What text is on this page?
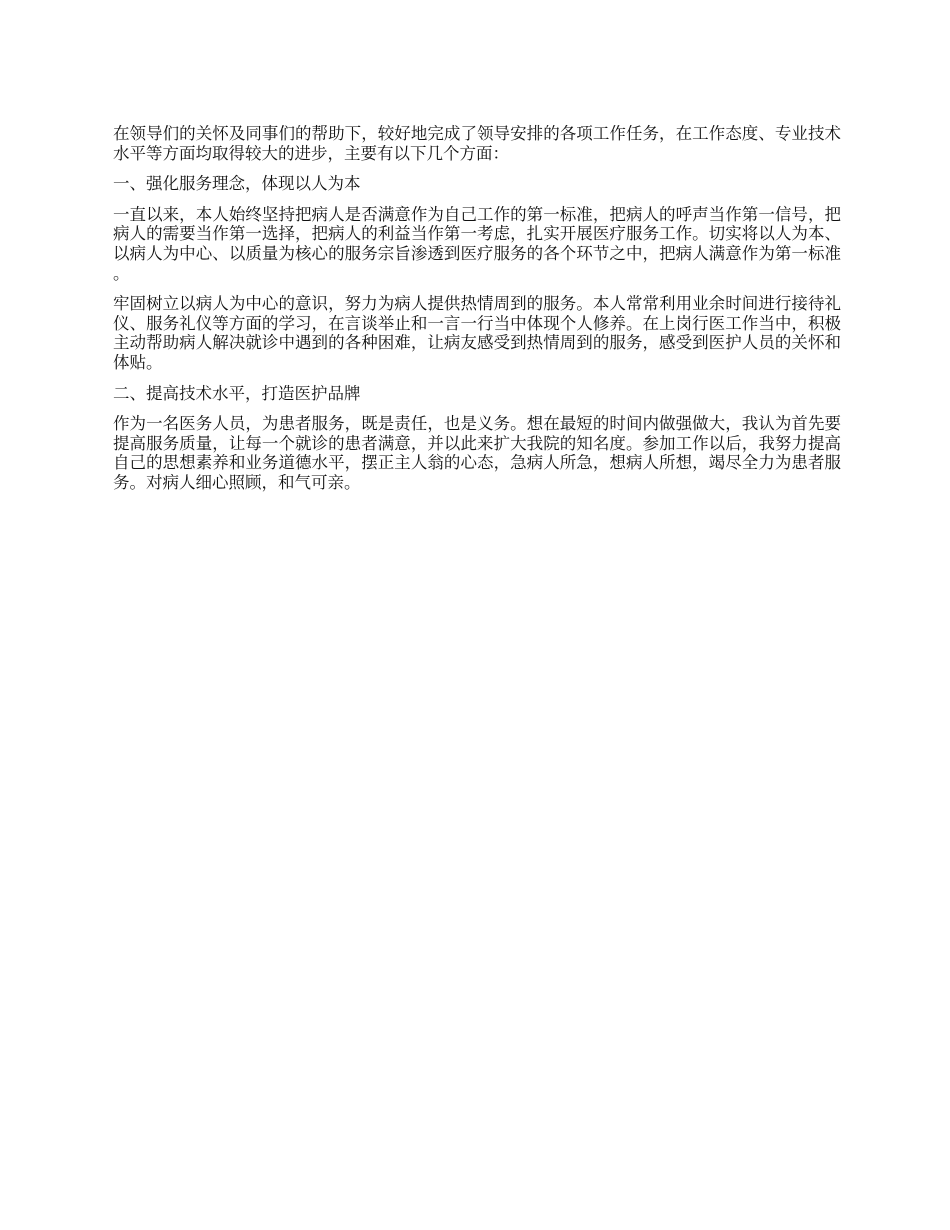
在领导们的关怀及同事们的帮助下，较好地完成了领导安排的各项工作任务，在工作态度、专业技术水平等方面均取得较大的进步，主要有以下几个方面：

一、强化服务理念，体现以人为本

一直以来，本人始终坚持把病人是否满意作为自己工作的第一标准，把病人的呼声当作第一信号，把病人的需要当作第一选择，把病人的利益当作第一考虑，扎实开展医疗服务工作。切实将以人为本、以病人为中心、以质量为核心的服务宗旨渗透到医疗服务的各个环节之中，把病人满意作为第一标准。

牢固树立以病人为中心的意识，努力为病人提供热情周到的服务。本人常常利用业余时间进行接待礼仪、服务礼仪等方面的学习，在言谈举止和一言一行当中体现个人修养。在上岗行医工作当中，积极主动帮助病人解决就诊中遇到的各种困难，让病友感受到热情周到的服务，感受到医护人员的关怀和体贴。

二、提高技术水平，打造医护品牌

作为一名医务人员，为患者服务，既是责任，也是义务。想在最短的时间内做强做大，我认为首先要提高服务质量，让每一个就诊的患者满意，并以此来扩大我院的知名度。参加工作以后，我努力提高自己的思想素养和业务道德水平，摆正主人翁的心态，急病人所急，想病人所想，竭尽全力为患者服务。对病人细心照顾，和气可亲。
